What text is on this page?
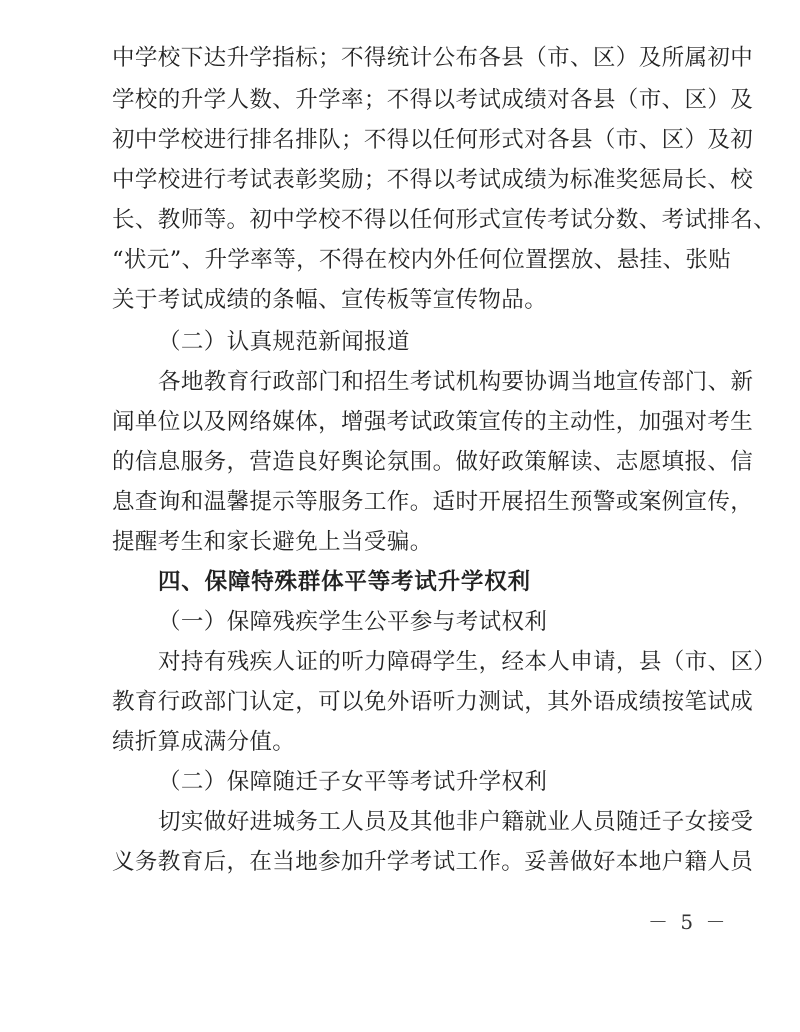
中学校下达升学指标；不得统计公布各县（市、区）及所属初中
学校的升学人数、升学率；不得以考试成绩对各县（市、区）及
初中学校进行排名排队；不得以任何形式对各县（市、区）及初
中学校进行考试表彰奖励；不得以考试成绩为标准奖惩局长、校
长、教师等。初中学校不得以任何形式宣传考试分数、考试排名、
“状元”、升学率等，不得在校内外任何位置摆放、悬挂、张贴
关于考试成绩的条幅、宣传板等宣传物品。
（二）认真规范新闻报道
各地教育行政部门和招生考试机构要协调当地宣传部门、新
闻单位以及网络媒体，增强考试政策宣传的主动性，加强对考生
的信息服务，营造良好舆论氛围。做好政策解读、志愿填报、信
息查询和温馨提示等服务工作。适时开展招生预警或案例宣传，
提醒考生和家长避免上当受骗。
四、保障特殊群体平等考试升学权利
（一）保障残疾学生公平参与考试权利
对持有残疾人证的听力障碍学生，经本人申请，县（市、区）
教育行政部门认定，可以免外语听力测试，其外语成绩按笔试成
绩折算成满分值。
（二）保障随迁子女平等考试升学权利
切实做好进城务工人员及其他非户籍就业人员随迁子女接受
义务教育后，在当地参加升学考试工作。妥善做好本地户籍人员
－ 5 －
